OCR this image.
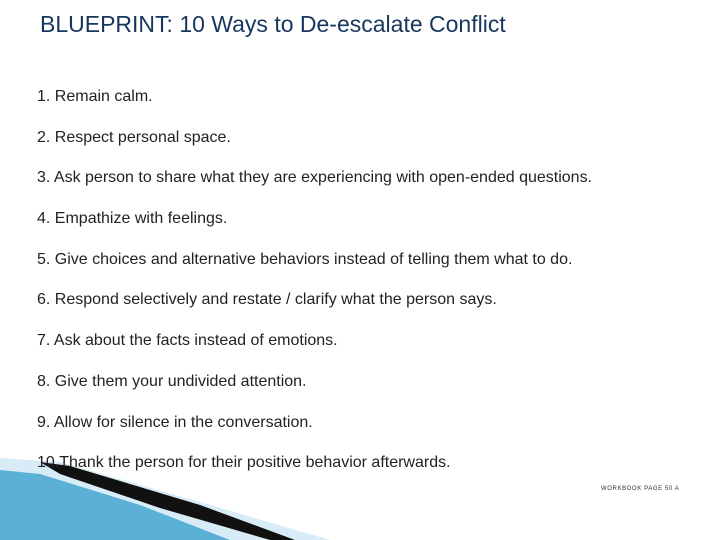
BLUEPRINT: 10 Ways to De-escalate Conflict
1. Remain calm.
2. Respect personal space.
3. Ask person to share what they are experiencing with open-ended questions.
4. Empathize with feelings.
5. Give choices and alternative behaviors instead of telling them what to do.
6. Respond selectively and restate / clarify what the person says.
7. Ask about the facts instead of emotions.
8. Give them your undivided attention.
9. Allow for silence in the conversation.
10.Thank the person for their positive behavior afterwards.
WORKBOOK PAGE 50 A
